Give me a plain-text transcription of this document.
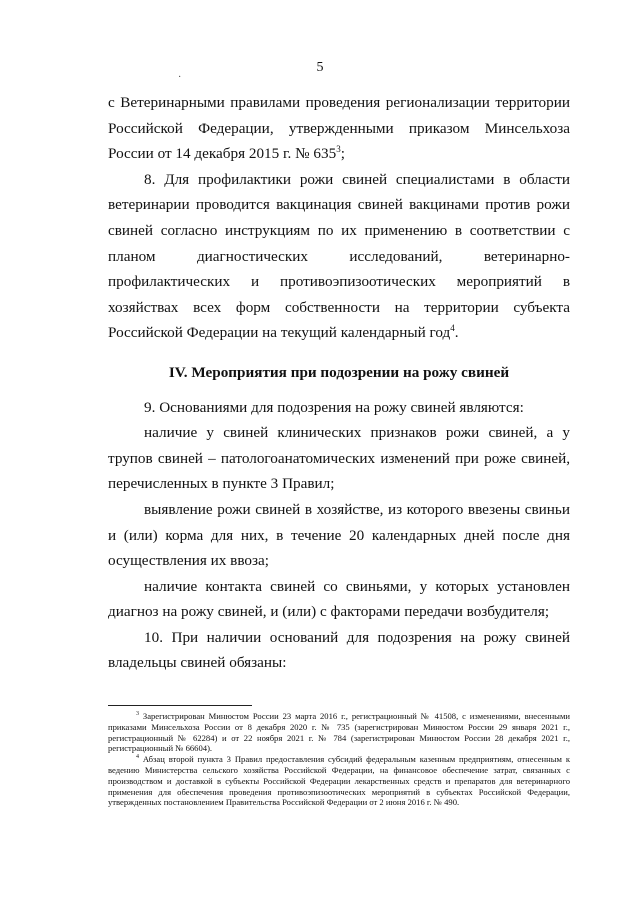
5
·

с Ветеринарными правилами проведения регионализации территории Российской Федерации, утвержденными приказом Минсельхоза России от 14 декабря 2015 г. № $635^3$;

8. Для профилактики рожи свиней специалистами в области ветеринарии проводится вакцинация свиней вакцинами против рожи свиней согласно инструкциям по их применению в соответствии с планом диагностических исследований, ветеринарно-профилактических и противоэпизоотических мероприятий в хозяйствах всех форм собственности на территории субъекта Российской Федерации на текущий календарный год$^4$.

IV. Мероприятия при подозрении на рожу свиней

9. Основаниями для подозрения на рожу свиней являются:

наличие у свиней клинических признаков рожи свиней, а у трупов свиней – патологоанатомических изменений при роже свиней, перечисленных в пункте 3 Правил;

выявление рожи свиней в хозяйстве, из которого ввезены свиньи и (или) корма для них, в течение 20 календарных дней после дня осуществления их ввоза;

наличие контакта свиней со свиньями, у которых установлен диагноз на рожу свиней, и (или) с факторами передачи возбудителя;

10. При наличии оснований для подозрения на рожу свиней владельцы свиней обязаны:

$^3$ Зарегистрирован Минюстом России 23 марта 2016 г., регистрационный № 41508, с изменениями, внесенными приказами Минсельхоза России от 8 декабря 2020 г. № 735 (зарегистрирован Минюстом России 29 января 2021 г., регистрационный № 62284) и от 22 ноября 2021 г. № 784 (зарегистрирован Минюстом России 28 декабря 2021 г., регистрационный № 66604).

$^4$ Абзац второй пункта 3 Правил предоставления субсидий федеральным казенным предприятиям, отнесенным к ведению Министерства сельского хозяйства Российской Федерации, на финансовое обеспечение затрат, связанных с производством и доставкой в субъекты Российской Федерации лекарственных средств и препаратов для ветеринарного применения для обеспечения проведения противоэпизоотических мероприятий в субъектах Российской Федерации, утвержденных постановлением Правительства Российской Федерации от 2 июня 2016 г. № 490.
